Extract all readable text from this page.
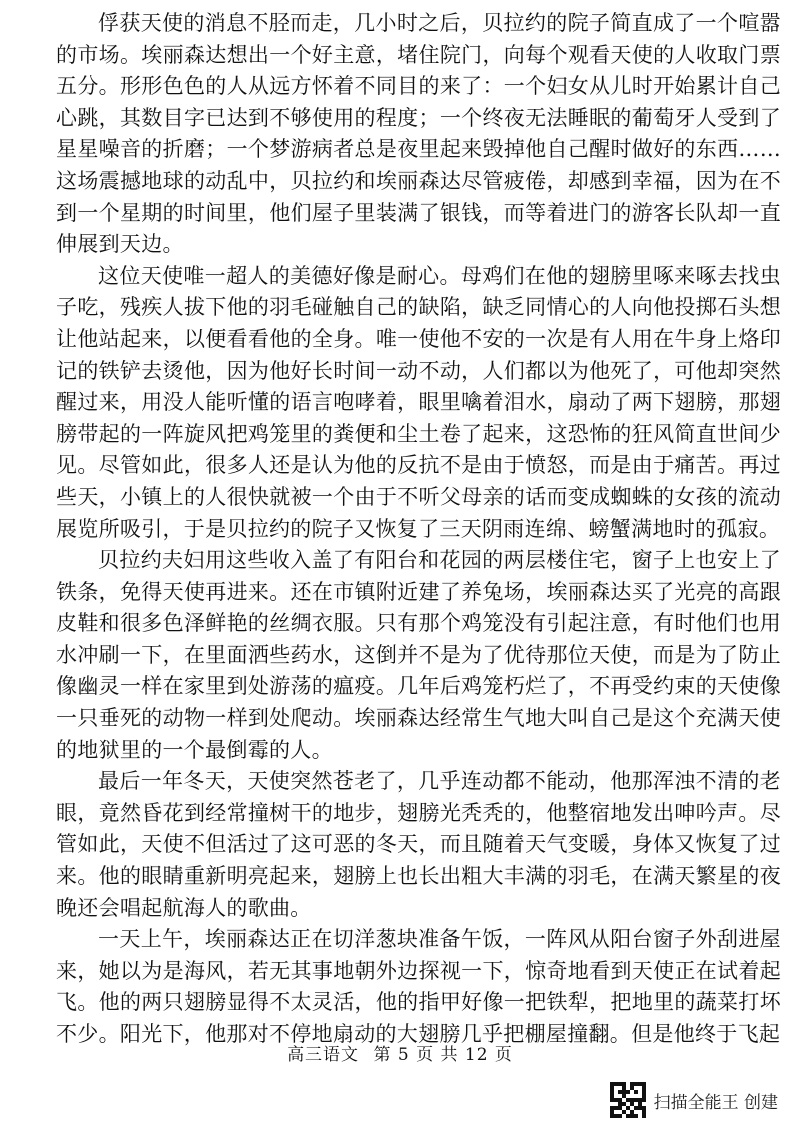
俘获天使的消息不胫而走，几小时之后，贝拉约的院子简直成了一个喧嚣的市场。埃丽森达想出一个好主意，堵住院门，向每个观看天使的人收取门票五分。形形色色的人从远方怀着不同目的来了：一个妇女从儿时开始累计自己心跳，其数目字已达到不够使用的程度；一个终夜无法睡眠的葡萄牙人受到了星星噪音的折磨；一个梦游病者总是夜里起来毁掉他自己醒时做好的东西……这场震撼地球的动乱中，贝拉约和埃丽森达尽管疲倦，却感到幸福，因为在不到一个星期的时间里，他们屋子里装满了银钱，而等着进门的游客长队却一直伸展到天边。

这位天使唯一超人的美德好像是耐心。母鸡们在他的翅膀里啄来啄去找虫子吃，残疾人拔下他的羽毛碰触自己的缺陷，缺乏同情心的人向他投掷石头想让他站起来，以便看看他的全身。唯一使他不安的一次是有人用在牛身上烙印记的铁铲去烫他，因为他好长时间一动不动，人们都以为他死了，可他却突然醒过来，用没人能听懂的语言咆哮着，眼里噙着泪水，扇动了两下翅膀，那翅膀带起的一阵旋风把鸡笼里的粪便和尘土卷了起来，这恐怖的狂风简直世间少见。尽管如此，很多人还是认为他的反抗不是由于愤怒，而是由于痛苦。再过些天，小镇上的人很快就被一个由于不听父母亲的话而变成蜘蛛的女孩的流动展览所吸引，于是贝拉约的院子又恢复了三天阴雨连绵、螃蟹满地时的孤寂。

贝拉约夫妇用这些收入盖了有阳台和花园的两层楼住宅，窗子上也安上了铁条，免得天使再进来。还在市镇附近建了养兔场，埃丽森达买了光亮的高跟皮鞋和很多色泽鲜艳的丝绸衣服。只有那个鸡笼没有引起注意，有时他们也用水冲刷一下，在里面洒些药水，这倒并不是为了优待那位天使，而是为了防止像幽灵一样在家里到处游荡的瘟疫。几年后鸡笼朽烂了，不再受约束的天使像一只垂死的动物一样到处爬动。埃丽森达经常生气地大叫自己是这个充满天使的地狱里的一个最倒霉的人。

最后一年冬天，天使突然苍老了，几乎连动都不能动，他那浑浊不清的老眼，竟然昏花到经常撞树干的地步，翅膀光秃秃的，他整宿地发出呻吟声。尽管如此，天使不但活过了这可恶的冬天，而且随着天气变暖，身体又恢复了过来。他的眼睛重新明亮起来，翅膀上也长出粗大丰满的羽毛，在满天繁星的夜晚还会唱起航海人的歌曲。

一天上午，埃丽森达正在切洋葱块准备午饭，一阵风从阳台窗子外刮进屋来，她以为是海风，若无其事地朝外边探视一下，惊奇地看到天使正在试着起飞。他的两只翅膀显得不太灵活，他的指甲好像一把铁犁，把地里的蔬菜打坏不少。阳光下，他那对不停地扇动的大翅膀几乎把棚屋撞翻。但是他终于飞起

高三语文 第 5 页 共 12 页
扫描全能王 创建
